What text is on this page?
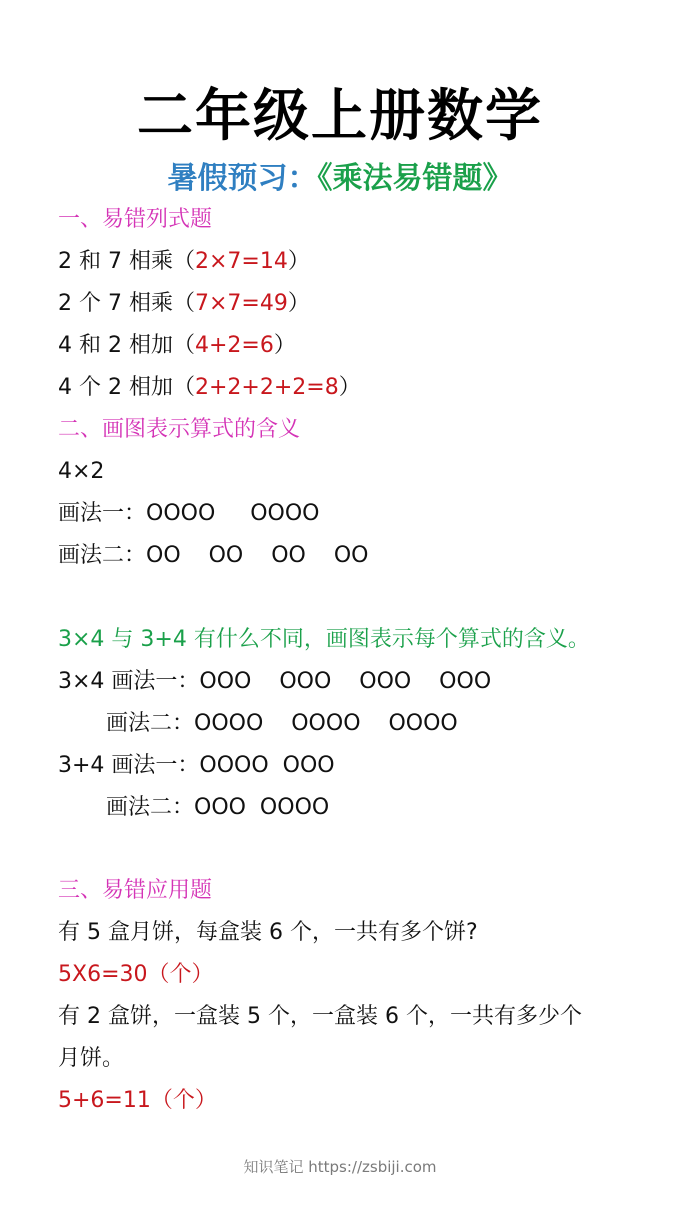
二年级上册数学
暑假预习：《乘法易错题》
一、易错列式题
2 和 7 相乘（2×7=14）
2 个 7 相乘（7×7=49）
4 和 2 相加（4+2=6）
4 个 2 相加（2+2+2+2=8）
二、画图表示算式的含义
4×2
画法一：OOOO     OOOO
画法二：OO    OO    OO    OO
3×4 与 3+4 有什么不同，画图表示每个算式的含义。
3×4 画法一：OOO    OOO    OOO    OOO
画法二：OOOO    OOOO    OOOO
3+4 画法一：OOOO  OOO
画法二：OOO  OOOO
三、易错应用题
有 5 盒月饼，每盒装 6 个，一共有多个饼?
5X6=30（个）
有 2 盒饼，一盒装 5 个，一盒装 6 个，一共有多少个
月饼。
5+6=11（个）
知识笔记 https://zsbiji.com
